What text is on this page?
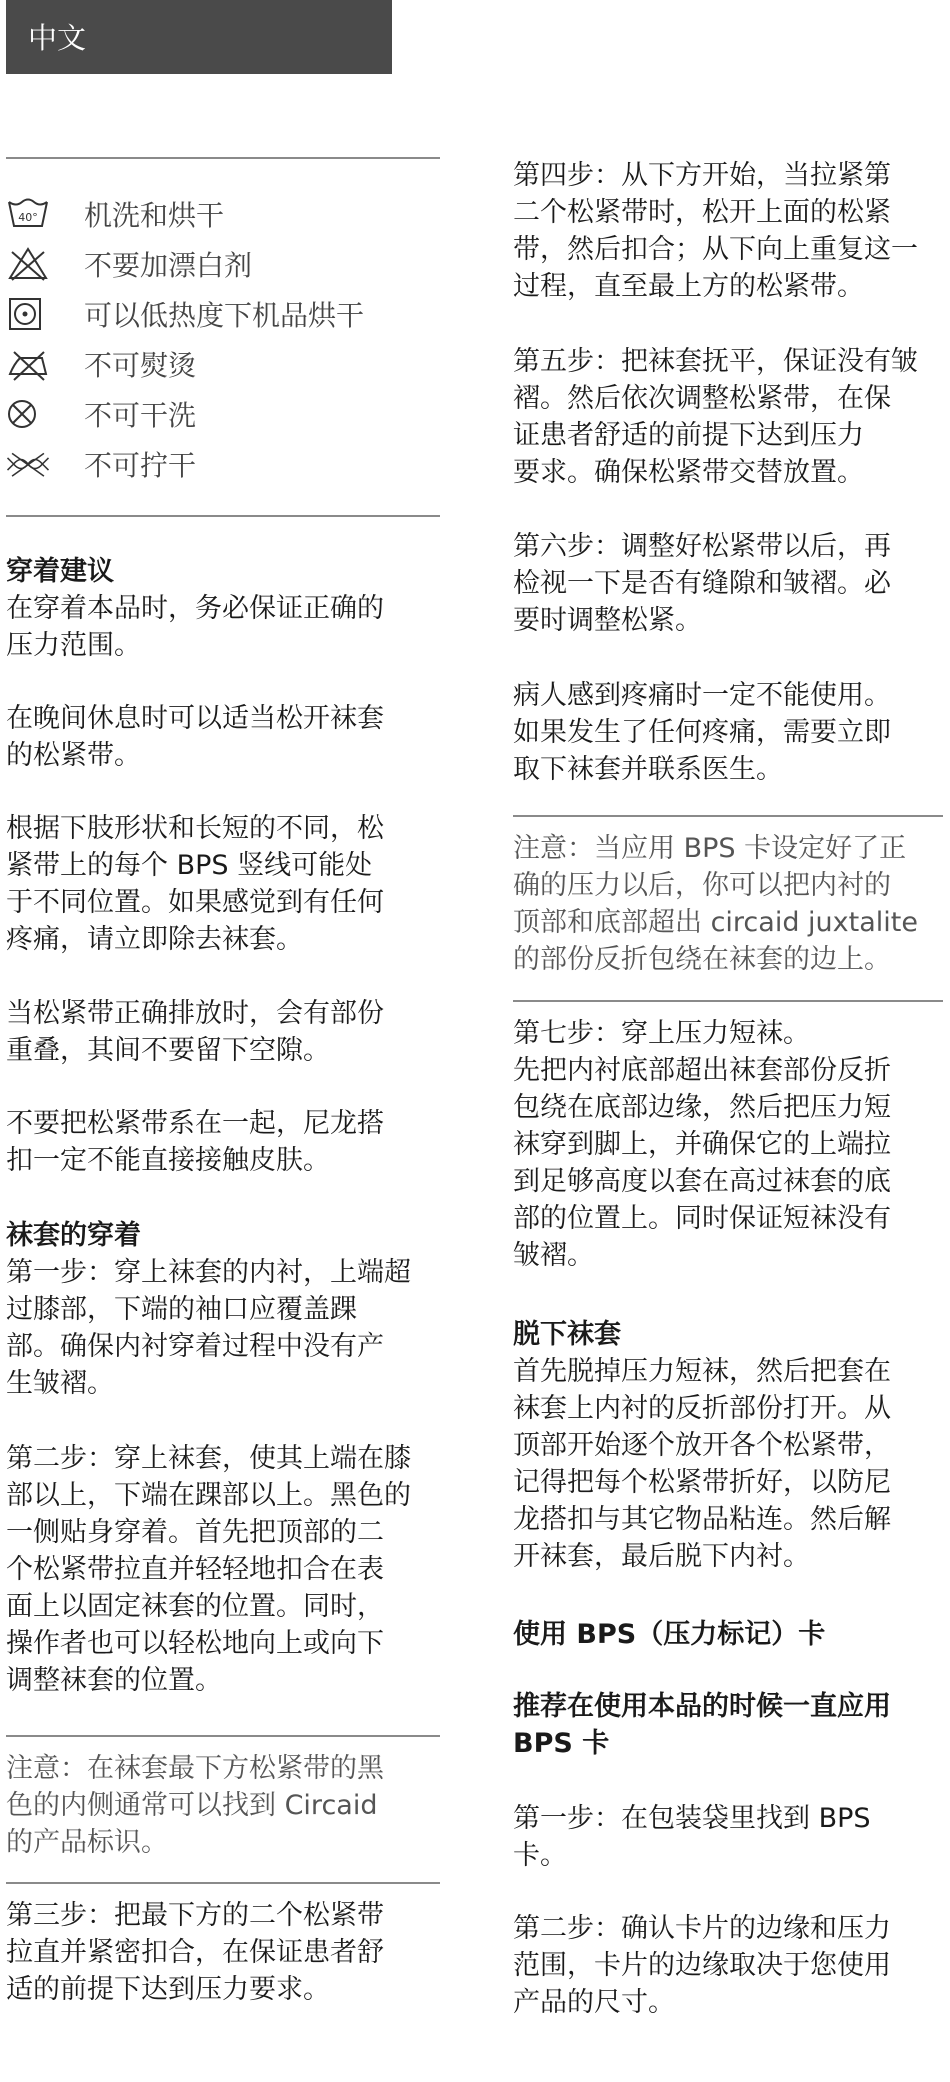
中文
40° 机洗和烘干
不要加漂白剂
可以低热度下机品烘干
不可熨烫
不可干洗
不可拧干
穿着建议

在穿着本品时，务必保证正确的
压力范围。

在晚间休息时可以适当松开袜套
的松紧带。

根据下肢形状和长短的不同，松
紧带上的每个 BPS 竖线可能处
于不同位置。如果感觉到有任何
疼痛，请立即除去袜套。

当松紧带正确排放时，会有部份
重叠，其间不要留下空隙。

不要把松紧带系在一起，尼龙搭
扣一定不能直接接触皮肤。

袜套的穿着

第一步：穿上袜套的内衬，上端超
过膝部，下端的袖口应覆盖踝
部。确保内衬穿着过程中没有产
生皱褶。

第二步：穿上袜套，使其上端在膝
部以上，下端在踝部以上。黑色的
一侧贴身穿着。首先把顶部的二
个松紧带拉直并轻轻地扣合在表
面上以固定袜套的位置。同时，
操作者也可以轻松地向上或向下
调整袜套的位置。

注意：在袜套最下方松紧带的黑
色的内侧通常可以找到 Circaid
的产品标识。

第三步：把最下方的二个松紧带
拉直并紧密扣合，在保证患者舒
适的前提下达到压力要求。

第四步：从下方开始，当拉紧第
二个松紧带时，松开上面的松紧
带，然后扣合；从下向上重复这一
过程，直至最上方的松紧带。

第五步：把袜套抚平，保证没有皱
褶。然后依次调整松紧带，在保
证患者舒适的前提下达到压力
要求。确保松紧带交替放置。

第六步：调整好松紧带以后，再
检视一下是否有缝隙和皱褶。必
要时调整松紧。

病人感到疼痛时一定不能使用。
如果发生了任何疼痛，需要立即
取下袜套并联系医生。

注意：当应用 BPS 卡设定好了正
确的压力以后，你可以把内衬的
顶部和底部超出 circaid juxtalite
的部份反折包绕在袜套的边上。

第七步：穿上压力短袜。
先把内衬底部超出袜套部份反折
包绕在底部边缘，然后把压力短
袜穿到脚上，并确保它的上端拉
到足够高度以套在高过袜套的底
部的位置上。同时保证短袜没有
皱褶。

脱下袜套

首先脱掉压力短袜，然后把套在
袜套上内衬的反折部份打开。从
顶部开始逐个放开各个松紧带，
记得把每个松紧带折好，以防尼
龙搭扣与其它物品粘连。然后解
开袜套，最后脱下内衬。

使用 BPS（压力标记）卡

推荐在使用本品的时候一直应用
BPS 卡

第一步：在包装袋里找到 BPS
卡。

第二步：确认卡片的边缘和压力
范围，卡片的边缘取决于您使用
产品的尺寸。
